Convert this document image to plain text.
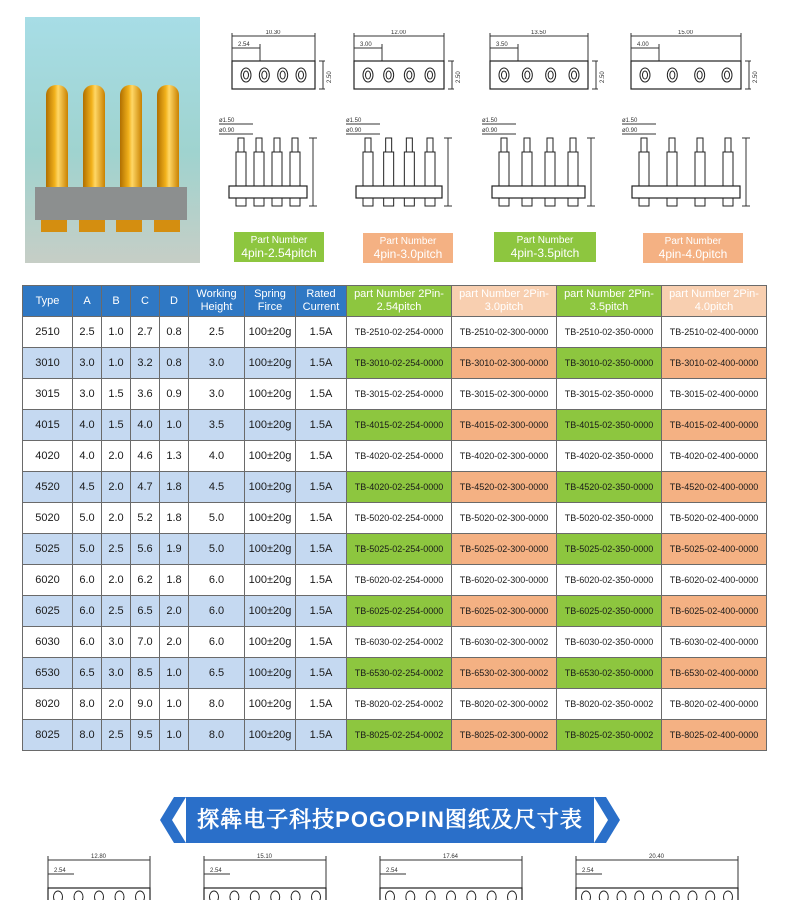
10.30
2.54
2.50
12.00
3.00
2.50
13.50
3.50
2.50
15.00
4.00
2.50
ø1.50
ø0.90
ø1.50
ø0.90
ø1.50
ø0.90
ø1.50
ø0.90
Part Number
4pin-2.54pitch
Part Number
4pin-3.0pitch
Part Number
4pin-3.5pitch
Part Number
4pin-4.0pitch
Type	A	B	C	D	Working Height	Spring Firce	Rated Current	part Number 2Pin-2.54pitch	part Number 2Pin-3.0pitch	part Number 2Pin-3.5pitch	part Number 2Pin-4.0pitch
2510	2.5	1.0	2.7	0.8	2.5	100±20g	1.5A	TB-2510-02-254-0000	TB-2510-02-300-0000	TB-2510-02-350-0000	TB-2510-02-400-0000
3010	3.0	1.0	3.2	0.8	3.0	100±20g	1.5A	TB-3010-02-254-0000	TB-3010-02-300-0000	TB-3010-02-350-0000	TB-3010-02-400-0000
3015	3.0	1.5	3.6	0.9	3.0	100±20g	1.5A	TB-3015-02-254-0000	TB-3015-02-300-0000	TB-3015-02-350-0000	TB-3015-02-400-0000
4015	4.0	1.5	4.0	1.0	3.5	100±20g	1.5A	TB-4015-02-254-0000	TB-4015-02-300-0000	TB-4015-02-350-0000	TB-4015-02-400-0000
4020	4.0	2.0	4.6	1.3	4.0	100±20g	1.5A	TB-4020-02-254-0000	TB-4020-02-300-0000	TB-4020-02-350-0000	TB-4020-02-400-0000
4520	4.5	2.0	4.7	1.8	4.5	100±20g	1.5A	TB-4020-02-254-0000	TB-4520-02-300-0000	TB-4520-02-350-0000	TB-4520-02-400-0000
5020	5.0	2.0	5.2	1.8	5.0	100±20g	1.5A	TB-5020-02-254-0000	TB-5020-02-300-0000	TB-5020-02-350-0000	TB-5020-02-400-0000
5025	5.0	2.5	5.6	1.9	5.0	100±20g	1.5A	TB-5025-02-254-0000	TB-5025-02-300-0000	TB-5025-02-350-0000	TB-5025-02-400-0000
6020	6.0	2.0	6.2	1.8	6.0	100±20g	1.5A	TB-6020-02-254-0000	TB-6020-02-300-0000	TB-6020-02-350-0000	TB-6020-02-400-0000
6025	6.0	2.5	6.5	2.0	6.0	100±20g	1.5A	TB-6025-02-254-0000	TB-6025-02-300-0000	TB-6025-02-350-0000	TB-6025-02-400-0000
6030	6.0	3.0	7.0	2.0	6.0	100±20g	1.5A	TB-6030-02-254-0002	TB-6030-02-300-0002	TB-6030-02-350-0000	TB-6030-02-400-0000
6530	6.5	3.0	8.5	1.0	6.5	100±20g	1.5A	TB-6530-02-254-0002	TB-6530-02-300-0002	TB-6530-02-350-0000	TB-6530-02-400-0000
8020	8.0	2.0	9.0	1.0	8.0	100±20g	1.5A	TB-8020-02-254-0002	TB-8020-02-300-0002	TB-8020-02-350-0002	TB-8020-02-400-0000
8025	8.0	2.5	9.5	1.0	8.0	100±20g	1.5A	TB-8025-02-254-0002	TB-8025-02-300-0002	TB-8025-02-350-0002	TB-8025-02-400-0000
探犇电子科技POGOPIN图纸及尺寸表
12.80
2.54
15.10
2.54
17.64
2.54
20.40
2.54
